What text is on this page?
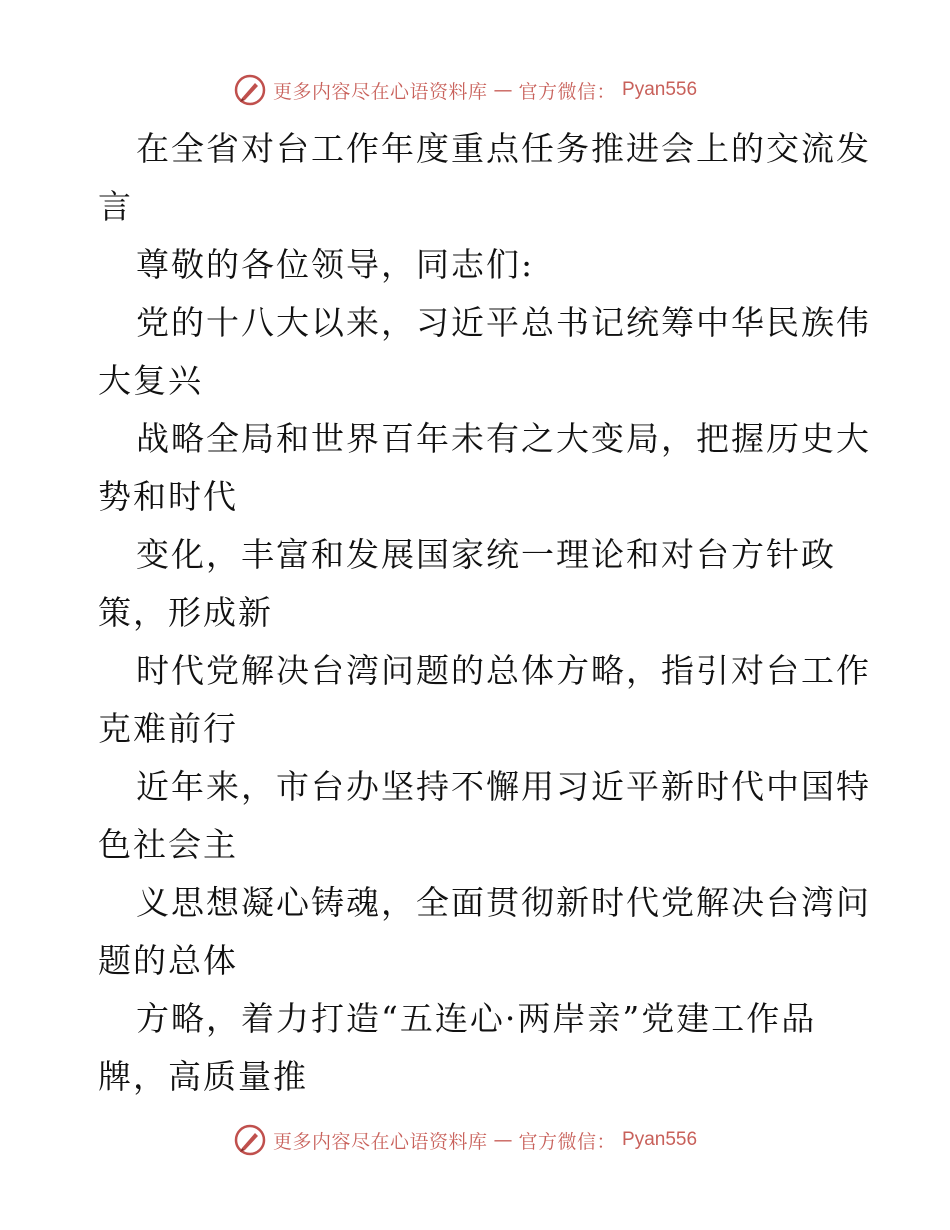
更多内容尽在心语资料库 — 官方微信： Pyan556
在全省对台工作年度重点任务推进会上的交流发
言
尊敬的各位领导，同志们:
党的十八大以来，习近平总书记统筹中华民族伟
大复兴
战略全局和世界百年未有之大变局，把握历史大
势和时代
变化，丰富和发展国家统一理论和对台方针政
策，形成新
时代党解决台湾问题的总体方略，指引对台工作
克难前行
近年来，市台办坚持不懈用习近平新时代中国特
色社会主
义思想凝心铸魂，全面贯彻新时代党解决台湾问
题的总体
方略，着力打造“五连心·两岸亲”党建工作品
牌，高质量推
更多内容尽在心语资料库 — 官方微信： Pyan556
